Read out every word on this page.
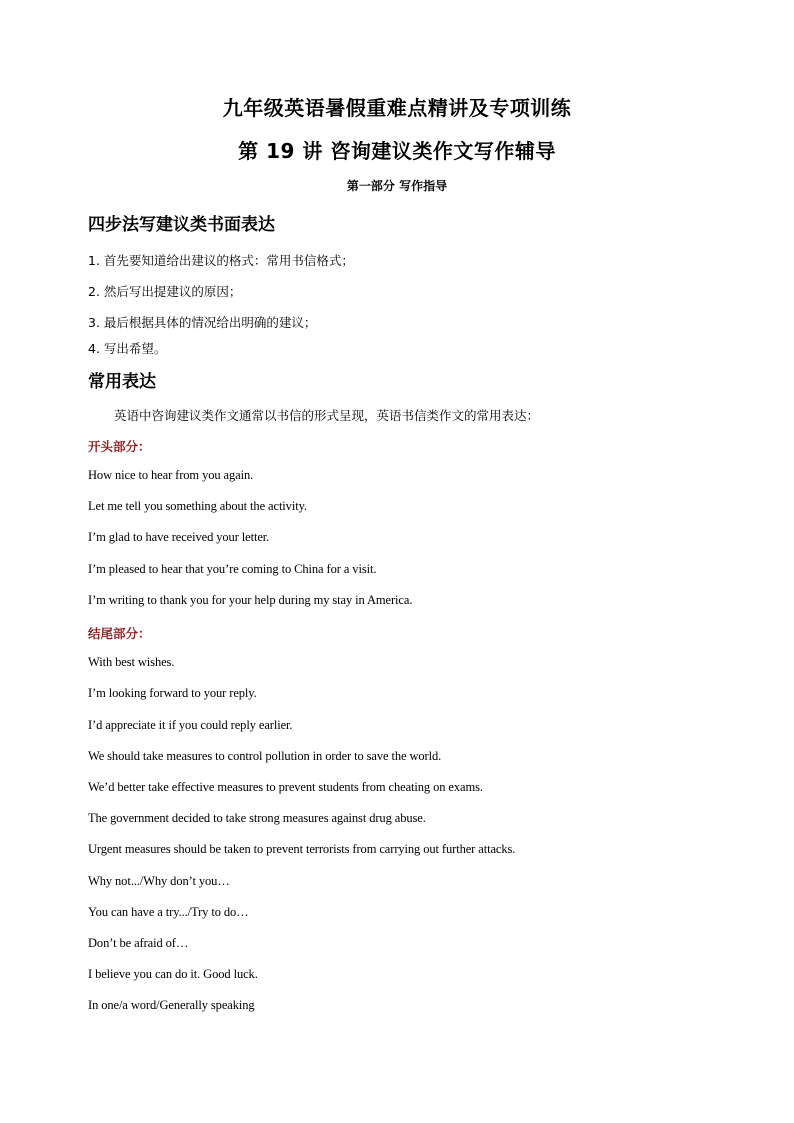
九年级英语暑假重难点精讲及专项训练
第 19 讲 咨询建议类作文写作辅导
第一部分 写作指导
四步法写建议类书面表达
1. 首先要知道给出建议的格式：常用书信格式；
2. 然后写出提建议的原因；
3. 最后根据具体的情况给出明确的建议；
4. 写出希望。
常用表达
英语中咨询建议类作文通常以书信的形式呈现，英语书信类作文的常用表达：
开头部分：
How nice to hear from you again.
Let me tell you something about the activity.
I’m glad to have received your letter.
I’m pleased to hear that you’re coming to China for a visit.
I’m writing to thank you for your help during my stay in America.
结尾部分：
With best wishes.
I’m looking forward to your reply.
I’d appreciate it if you could reply earlier.
We should take measures to control pollution in order to save the world.
We’d better take effective measures to prevent students from cheating on exams.
The government decided to take strong measures against drug abuse.
Urgent measures should be taken to prevent terrorists from carrying out further attacks.
Why not.../Why don’t you…
You can have a try.../Try to do…
Don’t be afraid of…
I believe you can do it. Good luck.
In one/a word/Generally speaking
